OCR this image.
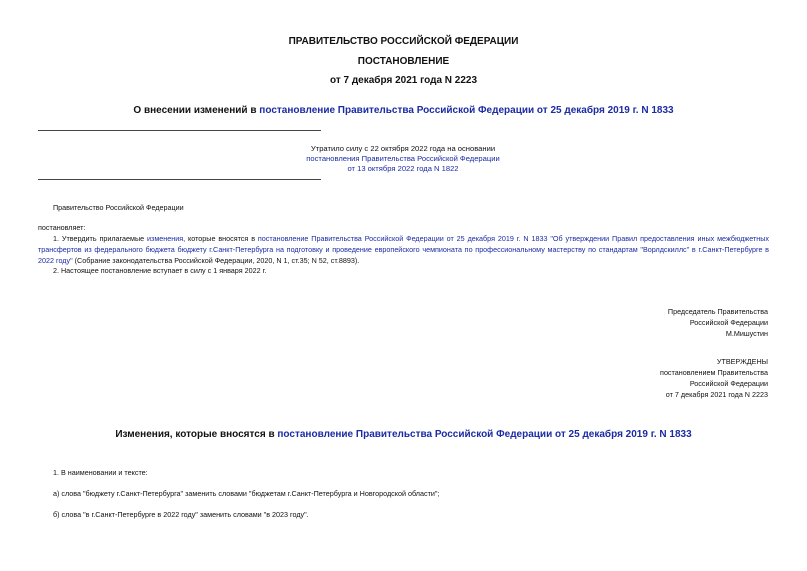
ПРАВИТЕЛЬСТВО РОССИЙСКОЙ ФЕДЕРАЦИИ
ПОСТАНОВЛЕНИЕ
от 7 декабря 2021 года N 2223
О внесении изменений в постановление Правительства Российской Федерации от 25 декабря 2019 г. N 1833
Утратило силу с 22 октября 2022 года на основании
постановления Правительства Российской Федерации
от 13 октября 2022 года N 1822
Правительство Российской Федерации
постановляет:
1. Утвердить прилагаемые изменения, которые вносятся в постановление Правительства Российской Федерации от 25 декабря 2019 г. N 1833 "Об утверждении Правил предоставления иных межбюджетных трансфертов из федерального бюджета бюджету г.Санкт-Петербурга на подготовку и проведение европейского чемпионата по профессиональному мастерству по стандартам "Ворлдскиллс" в г.Санкт-Петербурге в 2022 году" (Собрание законодательства Российской Федерации, 2020, N 1, ст.35; N 52, ст.8893).
2. Настоящее постановление вступает в силу с 1 января 2022 г.
Председатель Правительства
Российской Федерации
М.Мишустин
УТВЕРЖДЕНЫ
постановлением Правительства
Российской Федерации
от 7 декабря 2021 года N 2223
Изменения, которые вносятся в постановление Правительства Российской Федерации от 25 декабря 2019 г. N 1833
1. В наименовании и тексте:
а) слова "бюджету г.Санкт-Петербурга" заменить словами "бюджетам г.Санкт-Петербурга и Новгородской области";
б) слова "в г.Санкт-Петербурге в 2022 году" заменить словами "в 2023 году".
